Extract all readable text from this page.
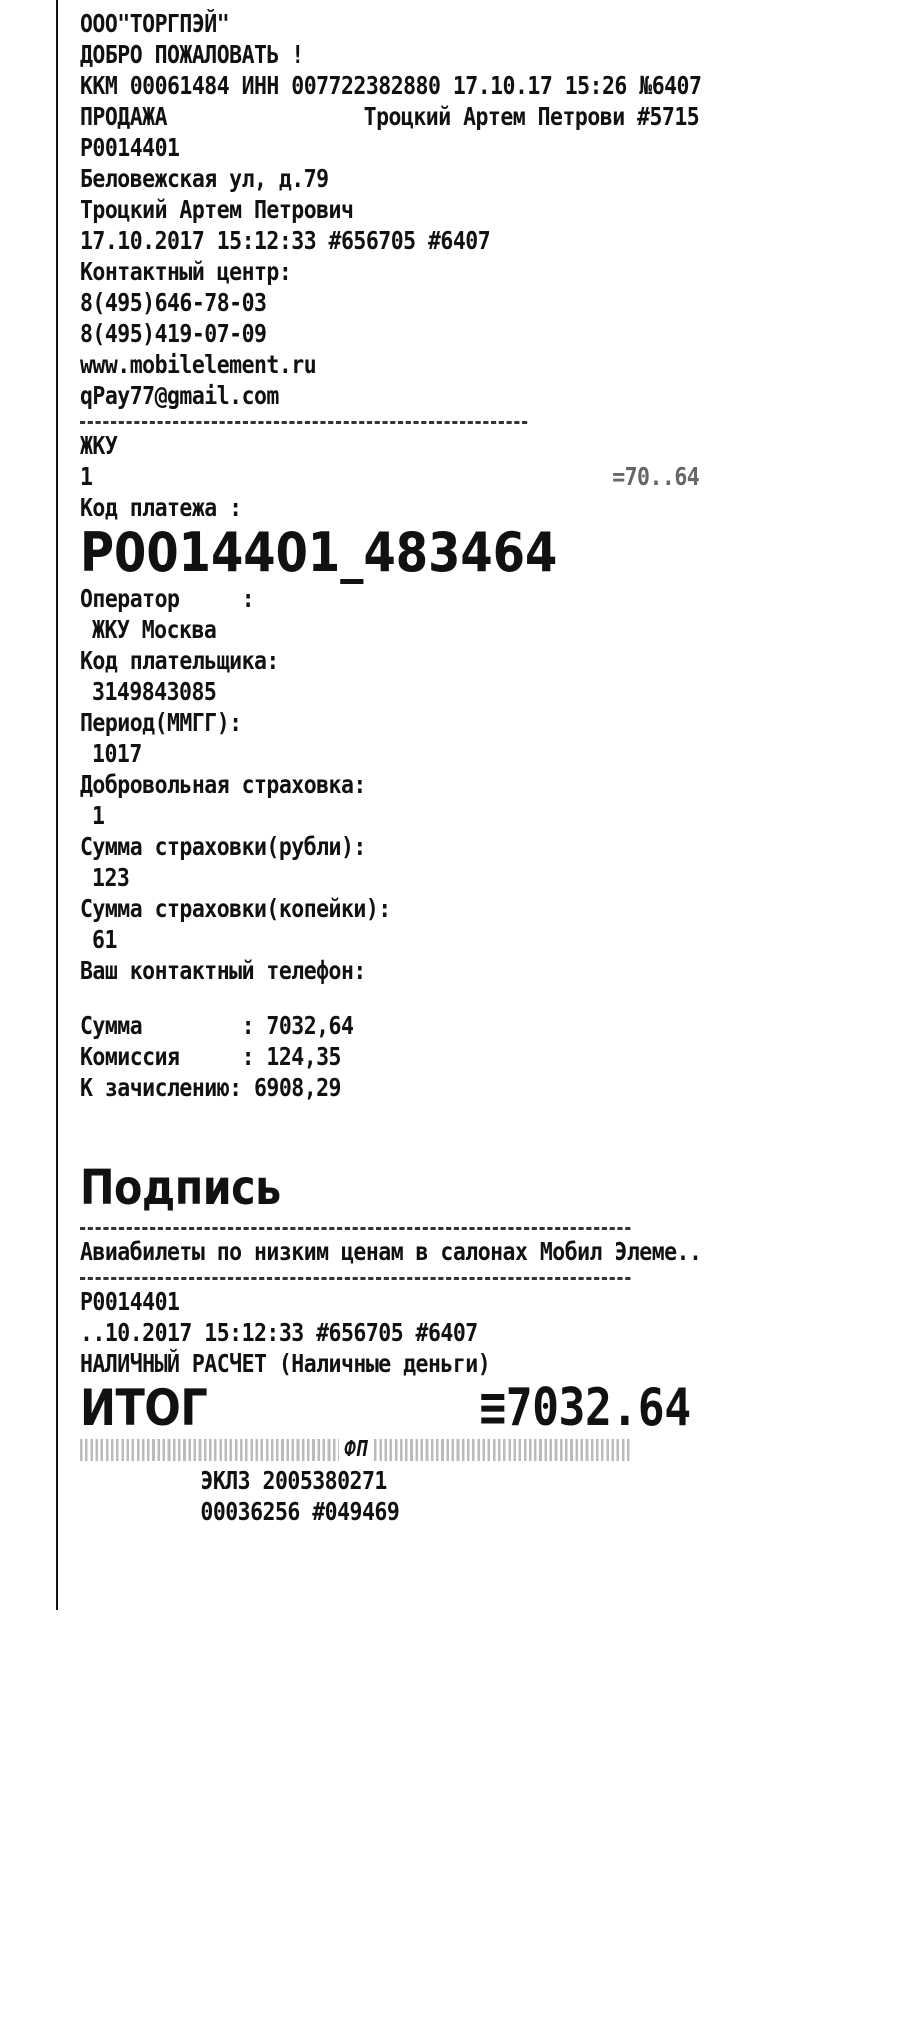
ООО"ТОРГПЭЙ"
ДОБРО ПОЖАЛОВАТЬ !
ККМ 00061484 ИНН 007722382880 17.10.17 15:26 №6407
ПРОДАЖА	Троцкий Артем Петрови #5715
P0014401
Беловежская ул, д.79
Троцкий Артем Петрович
17.10.2017 15:12:33 #656705 #6407
Контактный центр:
8(495)646-78-03
8(495)419-07-09
www.mobilelement.ru
qPay77@gmail.com
ЖКУ
1	=70..64
Код платежа :
P0014401_483464
Оператор     :
ЖКУ Москва
Код плательщика:
3149843085
Период(ММГГ):
1017
Добровольная страховка:
1
Сумма страховки(рубли):
123
Сумма страховки(копейки):
61
Ваш контактный телефон:
Сумма        : 7032,64
Комиссия     : 124,35
К зачислению: 6908,29
Подпись
Авиабилеты по низким ценам в салонах Мобил Элеме..
P0014401
..10.2017 15:12:33 #656705 #6407
НАЛИЧНЫЙ РАСЧЕТ (Наличные деньги)
ИТОГ	≡7032.64
ФП
ЭКЛЗ 2005380271
00036256 #049469
